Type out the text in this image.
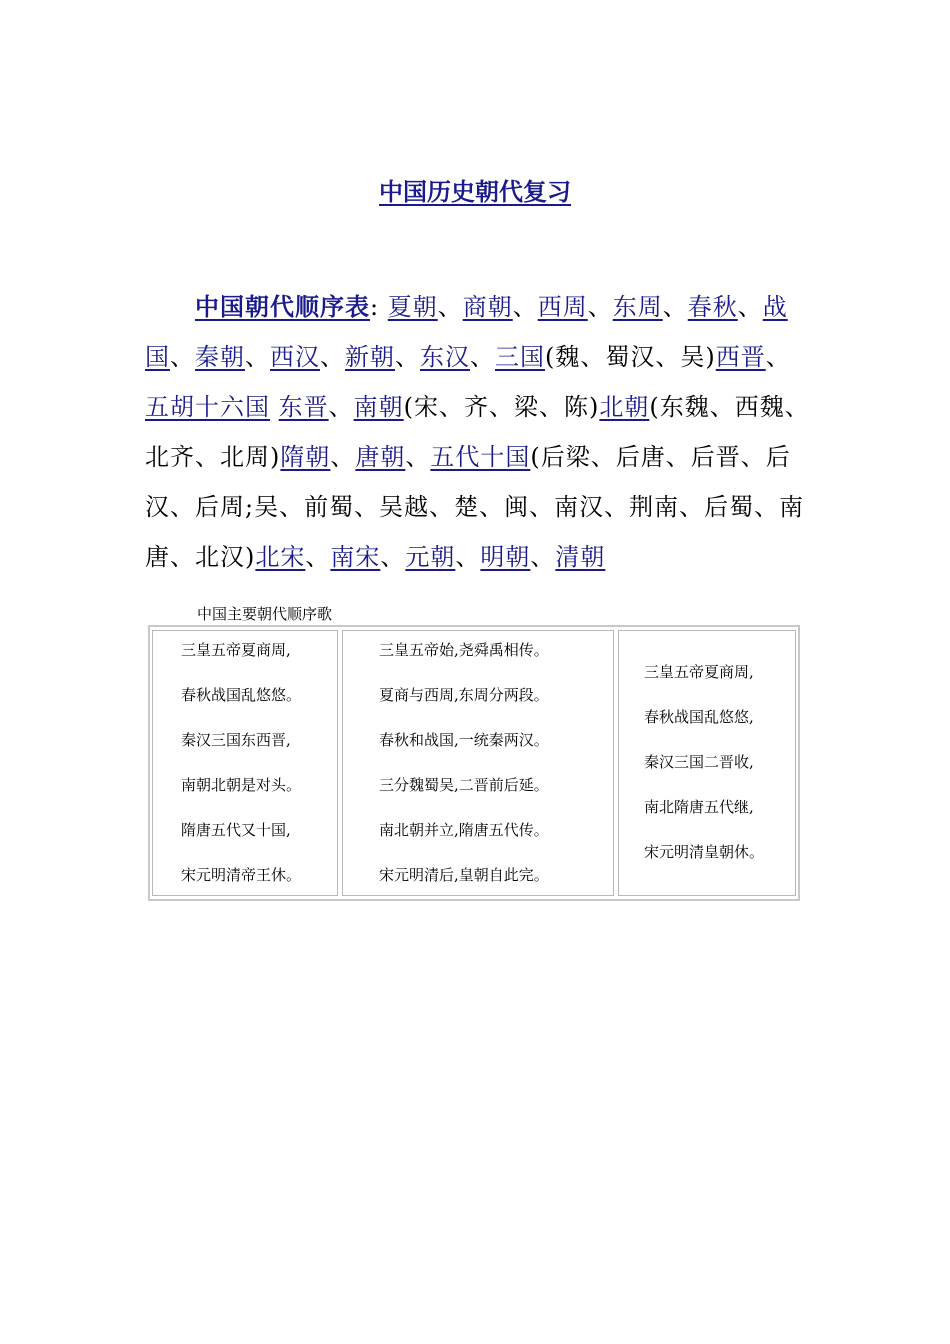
中国历史朝代复习
中国朝代顺序表: 夏朝、商朝、西周、东周、春秋、战国、秦朝、西汉、新朝、东汉、三国(魏、蜀汉、吴)西晋、五胡十六国 东晋、南朝(宋、齐、梁、陈)北朝(东魏、西魏、北齐、北周)隋朝、唐朝、五代十国(后梁、后唐、后晋、后汉、后周;吴、前蜀、吴越、楚、闽、南汉、荆南、后蜀、南唐、北汉)北宋、南宋、元朝、明朝、清朝
中国主要朝代顺序歌
三皇五帝夏商周,
春秋战国乱悠悠。
秦汉三国东西晋,
南朝北朝是对头。
隋唐五代又十国,
宋元明清帝王休。
三皇五帝始,尧舜禹相传。
夏商与西周,东周分两段。
春秋和战国,一统秦两汉。
三分魏蜀吴,二晋前后延。
南北朝并立,隋唐五代传。
宋元明清后,皇朝自此完。
三皇五帝夏商周,
春秋战国乱悠悠,
秦汉三国二晋收,
南北隋唐五代继,
宋元明清皇朝休。
